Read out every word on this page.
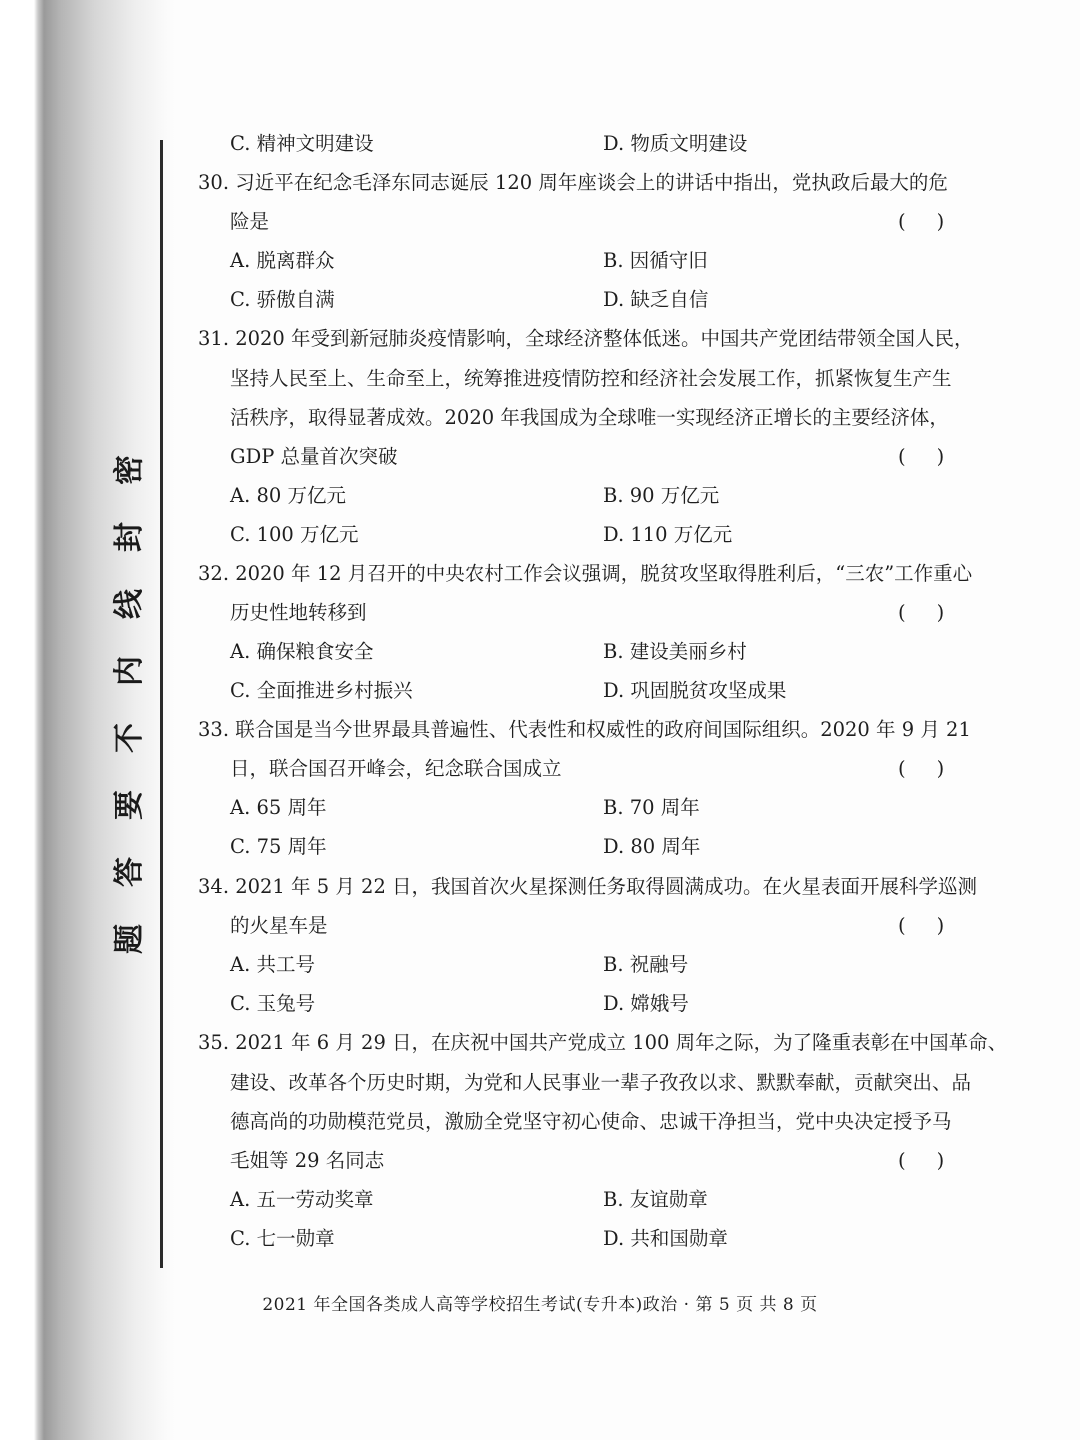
密
封
线
内
不
要
答
题
C. 精神文明建设	D. 物质文明建设
30. 习近平在纪念毛泽东同志诞辰 120 周年座谈会上的讲话中指出，党执政后最大的危
险是	(     )
A. 脱离群众	B. 因循守旧
C. 骄傲自满	D. 缺乏自信
31. 2020 年受到新冠肺炎疫情影响，全球经济整体低迷。中国共产党团结带领全国人民，
坚持人民至上、生命至上，统筹推进疫情防控和经济社会发展工作，抓紧恢复生产生
活秩序，取得显著成效。2020 年我国成为全球唯一实现经济正增长的主要经济体，
GDP 总量首次突破	(     )
A. 80 万亿元	B. 90 万亿元
C. 100 万亿元	D. 110 万亿元
32. 2020 年 12 月召开的中央农村工作会议强调，脱贫攻坚取得胜利后，“三农”工作重心
历史性地转移到	(     )
A. 确保粮食安全	B. 建设美丽乡村
C. 全面推进乡村振兴	D. 巩固脱贫攻坚成果
33. 联合国是当今世界最具普遍性、代表性和权威性的政府间国际组织。2020 年 9 月 21
日，联合国召开峰会，纪念联合国成立	(     )
A. 65 周年	B. 70 周年
C. 75 周年	D. 80 周年
34. 2021 年 5 月 22 日，我国首次火星探测任务取得圆满成功。在火星表面开展科学巡测
的火星车是	(     )
A. 共工号	B. 祝融号
C. 玉兔号	D. 嫦娥号
35. 2021 年 6 月 29 日，在庆祝中国共产党成立 100 周年之际，为了隆重表彰在中国革命、
建设、改革各个历史时期，为党和人民事业一辈子孜孜以求、默默奉献，贡献突出、品
德高尚的功勋模范党员，激励全党坚守初心使命、忠诚干净担当，党中央决定授予马
毛姐等 29 名同志	(     )
A. 五一劳动奖章	B. 友谊勋章
C. 七一勋章	D. 共和国勋章
2021 年全国各类成人高等学校招生考试(专升本)政治 · 第 5 页 共 8 页
